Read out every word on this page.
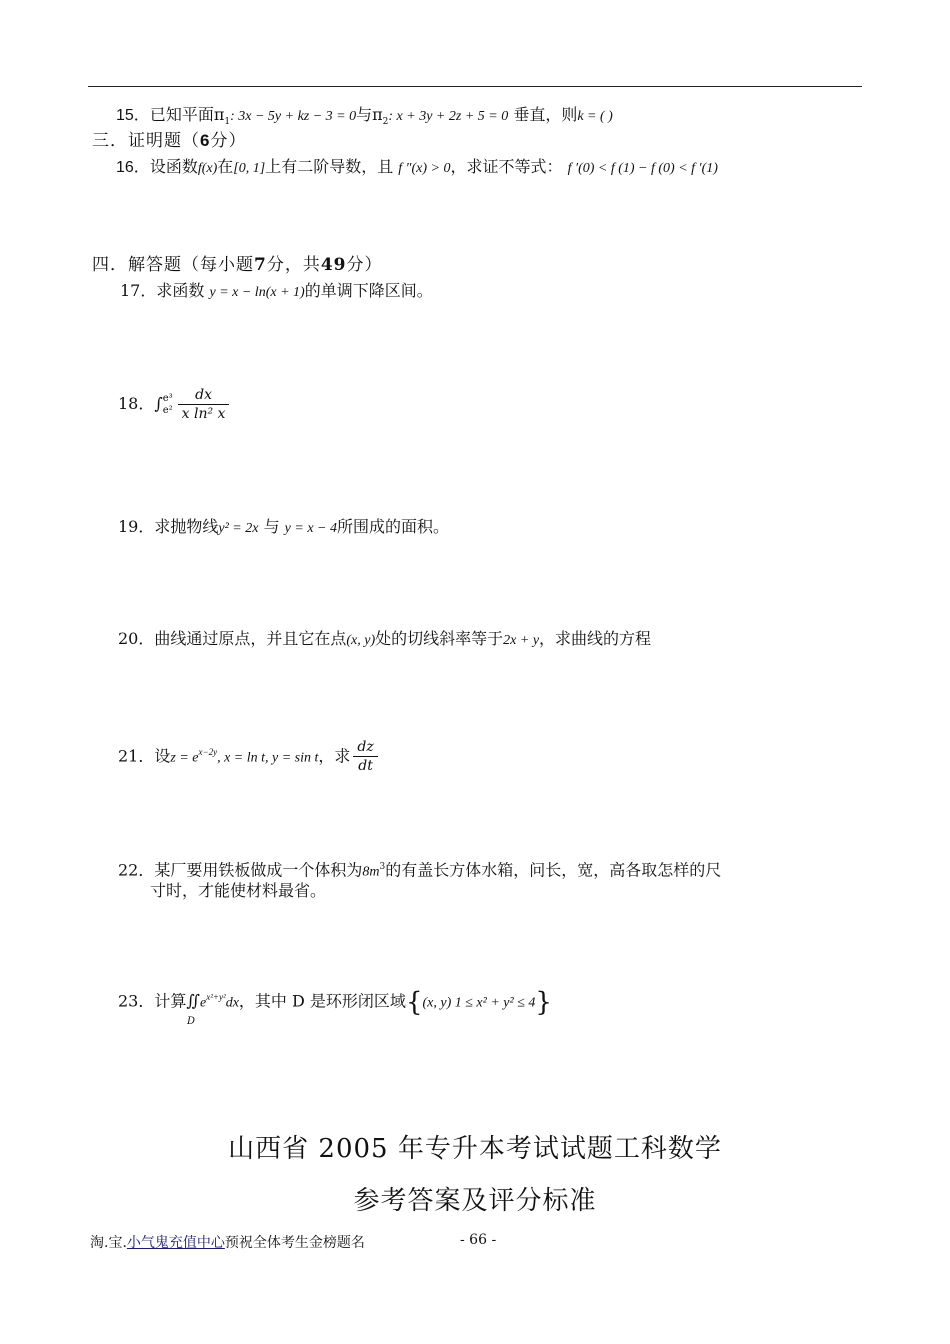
15．已知平面$\pi_1$: 3x − 5y + kz − 3 = 0与$\pi_2$: x + 3y + 2z + 5 = 0 垂直，则k = ( )
三．证明题（6分）
16．设函数f(x)在[0, 1]上有二阶导数，且 f ″(x) > 0，求证不等式： f ′(0) < f (1) − f (0) < f ′(1)
四．解答题（每小题7分，共49分）
17．求函数 y = x − ln(x + 1)的单调下降区间。
18．∫ e³
$e^2 \frac{dx}{\text{x ln² x}}$
19．求抛物线y² = 2x 与 y = x − 4所围成的面积。
20．曲线通过原点，并且它在点(x, y)处的切线斜率等于2x + y，求曲线的方程
21．设$z = e^{x-2y}$, x = ln t, y = sin t，求 $\frac{dz}{dt}$
22．某厂要用铁板做成一个体积为$8m^3$的有盖长方体水箱，问长，宽，高各取怎样的尺
寸时，才能使材料最省。
23．计算$∬e^{x^2+y^2}dx$，其中 D 是环形闭区域{(x, y) 1 ≤ x² + y² ≤ 4}
D
山西省 2005 年专升本考试试题工科数学
参考答案及评分标准
淘.宝.小气鬼充值中心预祝全体考生金榜题名	- 66 -
